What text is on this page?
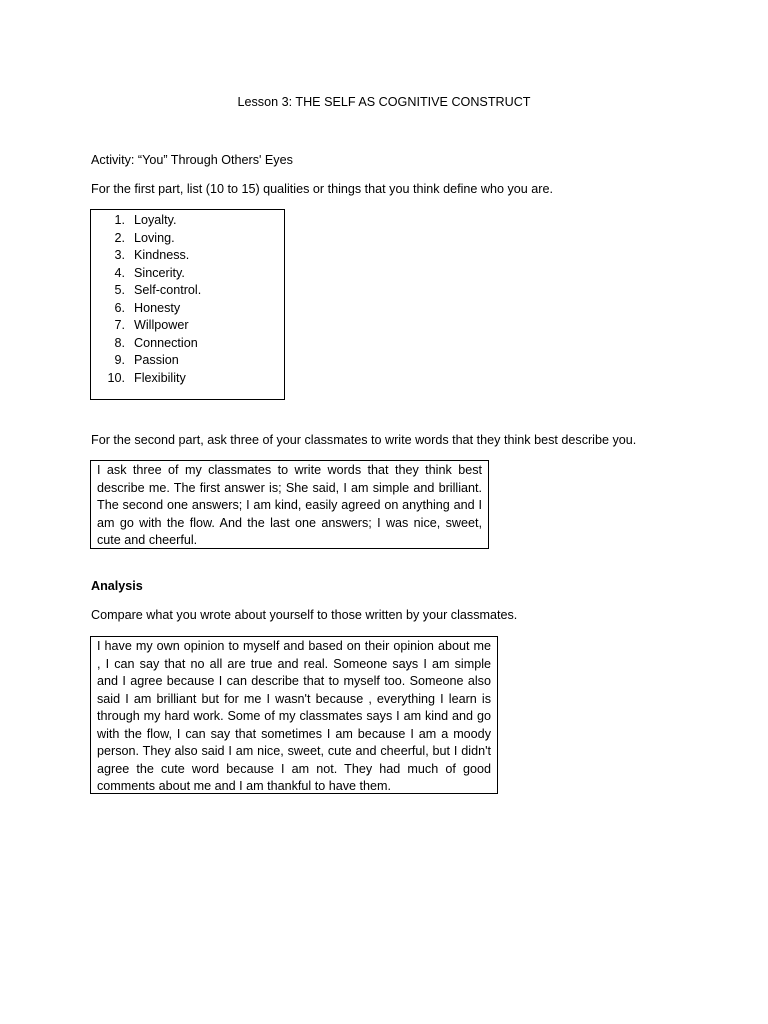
Lesson 3: THE SELF AS COGNITIVE CONSTRUCT
Activity: “You” Through Others' Eyes
For the first part, list (10 to 15) qualities or things that you think define who you are.
1. Loyalty.
2. Loving.
3. Kindness.
4. Sincerity.
5. Self-control.
6. Honesty
7. Willpower
8. Connection
9. Passion
10. Flexibility
For the second part, ask three of your classmates to write words that they think best describe you.
I ask three of my classmates to write words that they think best describe me. The first answer is; She said, I am simple and brilliant. The second one answers; I am kind, easily agreed on anything and I am go with the flow. And the last one answers; I was nice, sweet, cute and cheerful.
Analysis
Compare what you wrote about yourself to those written by your classmates.
I have my own opinion to myself and based on their opinion about me , I can say that no all are true and real. Someone says I am simple and I agree because I can describe that to myself too. Someone also said I am brilliant but for me I wasn't because , everything I learn is through my hard work. Some of my classmates says I am kind and go with the flow, I can say that sometimes I am because I am a moody person. They also said I am nice, sweet, cute and cheerful, but I didn't agree the cute word because I am not. They had much of good comments about me and I am thankful to have them.
